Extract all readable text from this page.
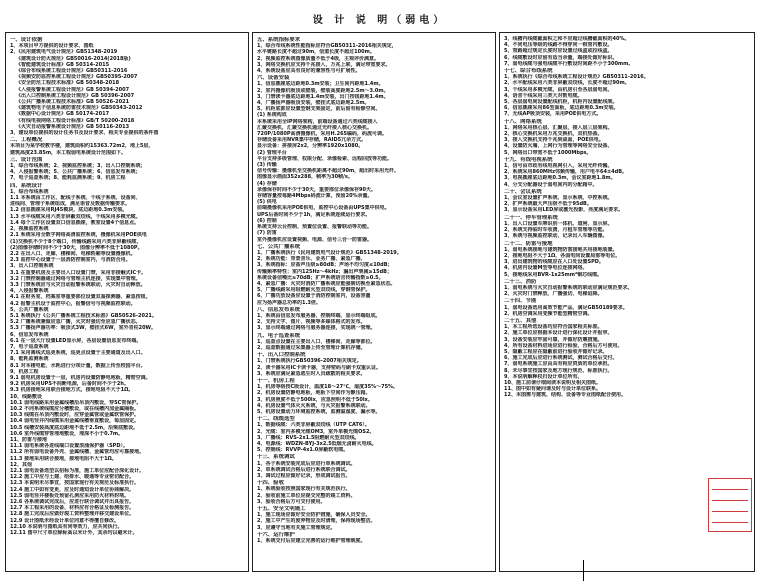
设 计 说 明（弱电）
一、设计依据
1、本项目甲方提供的设计要求、图纸
2、《民用建筑电气设计规范》GB51348-2019
《建筑设计防火规范》GB50016-2014(2018版)
《智能建筑设计标准》GB 50314-2015
《综合布线系统工程设计规范》GB50311-2016
《视频安防监控系统工程设计规范》GB50395-2007
《安全防范工程技术标准》GB 50348-2018
《入侵报警系统工程设计规范》GB 50394-2007
《出入口控制系统工程设计规范》GB 50396-2007
《公共广播系统工程技术标准》GB 50526-2021
《建筑物电子信息系统防雷技术规范》GB50343-2012
《数据中心设计规范》GB 50174-2017
《有线电视网络工程设计标准》GB/T 50200-2018
《火灾自动报警系统设计规范》GB 50116-2013
3、建设单位提供的设计任务书及设计要求、相关专业提供的条件图
二、工程概况
本项目为某学校教学楼，建筑面积约15363.72m2，地上5层，
建筑高度23.85m，本工程弱电系统设计范围如下。
三、设计范围
1、综合布线系统；2、视频监控系统；3、出入口控制系统；
4、入侵报警系统；5、公共广播系统；6、信息发布系统；
7、电子巡查系统；8、能耗监测系统；9、机房工程
四、系统设计
1、综合布线系统
1.1 本系统由工作区、配线子系统、干线子系统、设备间、
进线间、管理子系统组成，满足语音及数据传输要求。
1.2 信息插座采用RJ45模块，底边距地0.3m安装。
1.3 水平线缆采用六类非屏蔽双绞线，干线采用多模光缆。
1.4 每个工作区设置双口信息插座，教室设置4个信息点。
2、视频监控系统
2.1 系统采用全数字网络高清监控系统，摄像机采用POE供电
(1)交换机不少于8个端口，传输线路采用六类非屏蔽线缆，
(2)图像存储时间不少于30天，图像分辨率不低于1080P。
2.2 在出入口、走廊、楼梯间、电梯轿厢等设置摄像机。
2.3 监控中心设置于一层消防控制室内，与消防合用。
3、出入口控制系统
3.1 在重要机房及主要出入口设置门禁，采用非接触式IC卡。
3.2 门禁控制器通过网络与管理主机连接，实现集中管理。
3.3 门禁系统应与火灾自动报警系统联动，火灾时自动释放。
4、入侵报警系统
4.1 在财务室、档案室等重要部位设置双鉴探测器、紧急按钮。
4.2 报警主机设于监控中心，报警信号与视频监控联动。
5、公共广播系统
5.1 系统执行《公共广播系统工程技术标准》GB50526-2021。
5.2 广播系统兼做应急广播，火灾时强切至应急广播状态。
5.3 广播扬声器功率：吸顶式3W，壁挂式6W，室外音柱20W。
6、信息发布系统
6.1 在一层大厅设置LED显示屏，各层设置信息发布终端。
7、电子巡查系统
7.1 采用离线式巡更系统，巡更点设置于主要通道及出入口。
8、能耗监测系统
8.1 对本楼电能、水耗进行分项计量，数据上传至校园平台。
9、机房工程
9.1 弱电机房设置于一层，机房内设置防静电地板、精密空调。
9.2 机房采用UPS不间断电源，后备时间不少于2h。
9.3 机房接地采用联合接地方式，接地电阻不大于1Ω。
10、线路敷设
10.1 弱电线路采用金属线槽沿吊顶内敷设，穿SC管保护。
10.2 不同系统线缆应分槽敷设，或在线槽内加金属隔板。
10.3 线缆在吊顶内敷设时，应穿金属管或金属软管保护。
10.4 弱电竖井内线缆采用金属线槽垂直敷设，每层固定。
10.5 线槽安装高度底边距地不低于2.5m，沿梁底敷设。
10.6 室外线缆穿管埋地敷设，埋深不小于0.7m。
11、防雷与接地
11.1 弱电系统各进线端口设置浪涌保护器（SPD）。
11.2 所有弱电设备外壳、金属线槽、金属管均应可靠接地。
11.3 接地采用联合接地，接地电阻不大于1Ω。
12、其他
12.1 弱电设备选型以招标为准，施工单位应配合深化设计。
12.2 施工中应与土建、给排水、暖通等专业密切配合。
12.3 本说明未尽事宜，按国家现行有关规范及标准执行。
12.4 施工中如有变更，应及时通知设计单位协商解决。
12.5 弱电竖井楼板处预留孔洞应采用防火材料封堵。
12.6 各系统调试完成后，应进行联合调试并出具报告。
12.7 本工程采用的设备、材料应有合格证及检测报告。
12.8 施工完成后应做好竣工资料整理并移交建设单位。
12.9 设计图纸未经设计单位同意不得擅自修改。
12.10 本说明与图纸具有同等效力，应共同执行。
12.11 图中尺寸单位除标高以米计外，其余均以毫米计。
五、系统指标要求
1、综合布线系统性能指标应符合GB50311-2016相关规定，
水平链路长度不超过90m，信道长度不超过100m。
2、视频监控系统图像质量不低于4级，主观评价满意。
3、网络交换机应支持千兆接入、万兆上联，满足带宽要求。
4、系统设备应具有良好的兼容性与可扩展性。
六、设备安装
1、信息插座底边距地0.3m安装；卫生间内距地1.4m。
2、室内摄像机吸顶或壁装，壁装高度距地2.5m～3.0m。
3、门禁读卡器底边距地1.4m安装，出门按钮距地1.4m。
4、广播扬声器吸顶安装，壁挂式底边距地2.5m。
5、机柜底部应设置型钢支架固定，前后留有检修空间。
(1) 系统构成
本系统采用全IP网络架构，前端设备通过六类线缆接入
汇聚交换机，汇聚交换机通过光纤接入核心交换机。
720P/1080P高清摄像机，采用H.265编码，码流可调。
存储设备采用NVR集中存储，RAID5冗余方式。
显示设备：拼接屏2x2，分辨率1920x1080。
(2) 管理平台
平台支持多级管理、权限分配、录像检索、远程回放等功能。
(3) 传输
信号传输：摄像机至交换机距离不超过90m，超出时采用光纤。
图像显示画面352x288，帧率为30帧/s。
(4) 存储
录像保存时间不少于30天，重要部位录像保存90天。
存储容量按每路4Mbps码流计算，预留20%余量。
(5) 供电
前端摄像机采用POE供电，监控中心设备由UPS集中供电。
UPS后备时间不少于1h，满足系统连续运行要求。
(6) 控制
系统支持云台控制、预置位设置、报警联动等功能。
(7) 防雷
室外摄像机应设置视频、电源、信号三合一防雷器。
七、公共广播系统
1、广播系统执行《民用建筑电气设计规范》GB51348-2019。
2、系统功能：背景音乐、业务广播、紧急广播。
3、系统指标：应备声压级≥80dB；声场不均匀度≤10dB；
传输频率特性：室内125Hz～4kHz；漏出声衰减≥15dB；
系统设备信噪比≥70dB；扩声系统语言传输指数≥0.5。
4、紧急广播：火灾时消防广播系统应能强制切换至紧急状态。
5、广播线路采用阻燃耐火型双绞线，穿钢管保护。
6、广播功放设备应设置于消防控制室内，设备容量
应为扬声器总功率的1.3倍。
八、信息发布系统
1、系统由信息发布服务器、控制终端、显示终端组成。
2、支持文字、图片、视频等多媒体格式的发布。
3、显示终端通过网络与服务器连接，实现统一管理。
九、电子巡查系统
1、巡查点设置在主要出入口、楼梯间、走廊等部位。
2、巡查数据通过采集器上传至管理计算机存储。
十、出入口控制系统
1、门禁系统执行GB50396-2007相关规定。
2、读卡器采用IC卡读卡器，支持密码与刷卡双重认证。
3、系统应满足紧急逃生时人员疏散的相关要求。
十一、机房工程
1、机房等级按C级设计，温度18～27℃，湿度35%～75%。
2、机房设置防静电地板，地板下空间作为静压箱。
3、机房照度不低于500lx，应急照明不低于50lx。
4、机房设置气体灭火系统，与火灾报警系统联动。
5、机房设置动力环境监控系统，监测温湿度、漏水等。
十二、线缆选型
1、数据线缆：六类非屏蔽双绞线（UTP CAT6）。
2、光缆：室内多模光缆OM3，室外单模光缆OS2。
3、广播线：RVS-2x1.5阻燃耐火型双绞线。
4、电源线：WDZN-BYJ-3x2.5低烟无卤耐火电线。
5、控制线：RVVP-4x1.0屏蔽软电缆。
十三、系统调试
1、各子系统安装完成后应进行单系统调试。
2、单系统调试合格后进行系统联合调试。
3、调试过程应做好记录，形成调试报告。
十四、验收
1、系统验收按照国家现行有关规范执行。
2、验收前施工单位应提交完整的竣工资料。
3、验收合格后方可交付使用。
十五、安全文明施工
1、施工现场应做好安全防护措施，确保人员安全。
2、施工中产生的废弃物应及时清理，保持现场整洁。
3、应遵守当地有关施工管理规定。
十六、运行维护
1、系统交付后应建立完善的运行维护管理制度。
3、线槽内线缆截面积之和不应超过线槽截面积的40%。
4、不同电压等级的线路不得穿同一根管内敷设。
5、管路超过规定长度时应设置过线盒或拉线盒。
6、线缆敷设时应留有适当余量，端接处做好标识。
7、弱电线缆与强电线缆平行敷设时间距不小于300mm。
十七、综合布线系统
1、系统执行《综合布线系统工程设计规范》GB50311-2016。
2、水平配线采用六类非屏蔽双绞线，长度不超过90m。
3、干线采用多模光缆，由机房引至各层弱电间。
4、语音干线采用三类大对数电缆。
5、各层弱电间设置配线机柜，机柜内设置配线架。
6、信息插座采用86型面板，底边距地0.3m安装。
7、无线AP吸顶安装，采用POE供电方式。
十八、网络系统
1、网络采用核心层、汇聚层、接入层三层架构。
2、核心交换机采用万兆交换机，双机热备。
3、接入交换机支持千兆到桌面，POE供电。
4、设置防火墙、上网行为管理等网络安全设备。
5、网络出口带宽不低于1000Mbps。
十九、有线电视系统
1、信号由市政有线电视网引入，采用光纤传输。
2、系统采用860MHz邻频传输，用户电平64±4dB。
3、电视插座底边距地0.3m，会议室距地1.8m。
4、分支分配器设于弱电间内的分配箱中。
二十、会议系统
1、会议室设置扩声系统、显示系统、中控系统。
2、扩声系统最大声压级不低于95dB。
3、显示设备采用LED屏或激光投影，亮度满足要求。
二十一、停车管理系统
1、出入口设置车牌识别一体机、道闸、显示屏。
2、系统支持临时车收费、月租车管理等功能。
3、系统与视频监控联动，记录出入车辆图像。
二十二、防雷与接地
1、弱电系统接地与建筑物防雷接地共用接地装置。
2、接地电阻不大于1Ω，各弱电间设置局部等电位。
3、进出建筑物的线缆应在入口处设置SPD。
4、机房内设置M型等电位连接网络。
5、接地线采用BVR-1x25mm²铜芯线缆。
二十三、消防
1、弱电系统与火灾自动报警系统的联动应满足规范要求。
2、火灾时门禁释放、广播强切、电梯迫降。
二十四、节能
1、弱电设备选用高效节能产品，满足GB50189要求。
2、机房空调采用变频节能型精密空调。
二十五、其他
1、本工程所选设备均应符合国家相关标准。
2、施工单位应根据本设计进行深化设计并报审。
3、设备安装应牢固可靠，并做好防震措施。
4、所有设备材料进场应进行检验，合格后方可使用。
5、隐蔽工程应在隐蔽前进行验收并做好记录。
6、施工完成后应进行系统测试，测试合格后交付。
7、弱电系统施工应由具有相应资质的单位承担。
8、未尽事宜按国家及地方现行规范、标准执行。
9、本说明解释权归设计单位所有。
10、施工前请仔细阅读本说明及相关图纸。
11、图中如有疑问请及时与设计单位联系。
12、本图需与建筑、结构、设备等专业图纸配合使用。
